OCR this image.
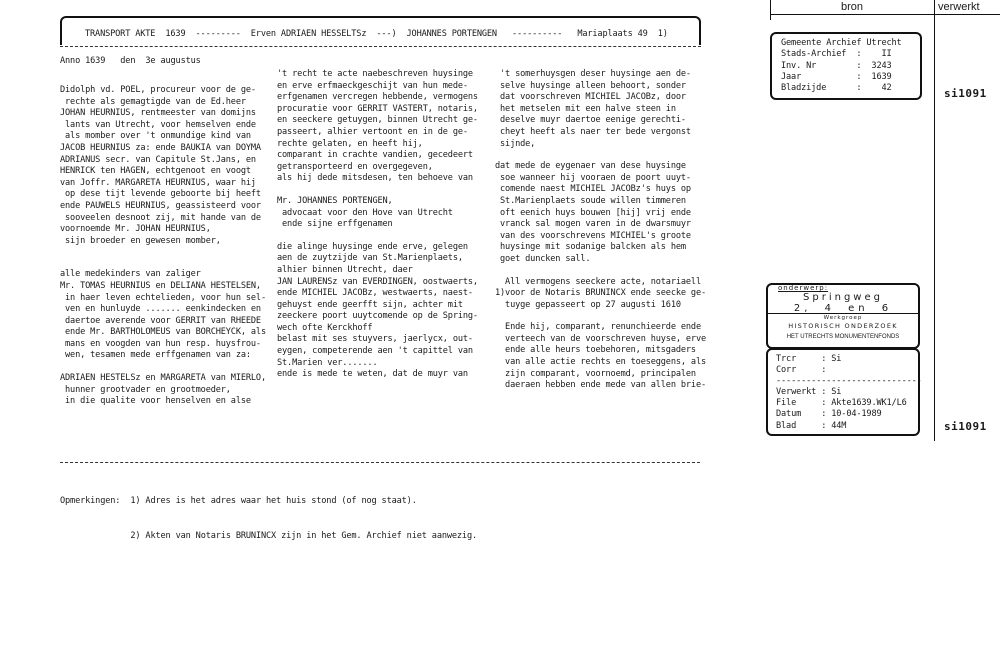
TRANSPORT AKTE  1639  ---------  Erven ADRIAEN HESSELTSz  ---)  JOHANNES PORTENGEN   ----------   Mariaplaats 49  1)
Anno 1639   den  3e augustus
Didolph vd. POEL, procureur voor de ge-
rechte als gemagtigde van de Ed.heer
JOHAN HEURNIUS, rentmeester van domijns
lants van Utrecht, voor hemselven ende
als momber over 't onmundige kind van
JACOB HEURNIUS za: ende BAUKIA van DOYMA
ADRIANUS secr. van Capitule St.Jans, en
HENRICK ten HAGEN, echtgenoot en voogt
van Joffr. MARGARETA HEURNIUS, waar hij
op dese tijt levende geboorte bij heeft
ende PAUWELS HEURNIUS, geassisteerd voor
sooveelen desnoot zij, mit hande van de
voornoemde Mr. JOHAN HEURNIUS,
sijn broeder en gewesen momber,
alle medekinders van zaliger
Mr. TOMAS HEURNIUS en DELIANA HESTELSEN,
in haer leven echtelieden, voor hun sel-
ven en hunluyde ....... eenkindecken en
daertoe averende voor GERRIT van RHEEDE
ende Mr. BARTHOLOMEUS van BORCHEYCK, als
mans en voogden van hun resp. huysfrou-
wen, tesamen mede erffgenamen van za:
ADRIAEN HESTELSz en MARGARETA van MIERLO,
hunner grootvader en grootmoeder,
in die qualite voor henselven en alse
't recht te acte naebeschreven huysinge
en erve erfmaeckgeschijt van hun mede-
erfgenamen vercregen hebbende, vermogens
procuratie voor GERRIT VASTERT, notaris,
en seeckere getuygen, binnen Utrecht ge-
passeert, alhier vertoont en in de ge-
rechte gelaten, en heeft hij,
comparant in crachte vandien, gecedeert
getransporteerd en overgegeven,
als hij dede mitsdesen, ten behoeve van
Mr. JOHANNES PORTENGEN,
advocaat voor den Hove van Utrecht
ende sijne erffgenamen
die alinge huysinge ende erve, gelegen
aen de zuytzijde van St.Marienplaets,
alhier binnen Utrecht, daer
JAN LAURENSz van EVERDINGEN, oostwaerts,
ende MICHIEL JACOBz, westwaerts, naest-
gehuyst ende geerfft sijn, achter mit
zeeckere poort uuytcomende op de Spring-
wech ofte Kerckhoff
belast mit ses stuyvers, jaerlycx, out-
eygen, competerende aen 't capittel van
St.Marien ver.......
ende is mede te weten, dat de muyr van
't somerhuysgen deser huysinge aen de-
selve huysinge alleen behoort, sonder
dat voorschreven MICHIEL JACOBz, door
het metselen mit een halve steen in
deselve muyr daertoe eenige gerechti-
cheyt heeft als naer ter bede vergonst
sijnde,
dat mede de eygenaer van dese huysinge
soe wanneer hij vooraen de poort uuyt-
comende naest MICHIEL JACOBz's huys op
St.Marienplaets soude willen timmeren
oft eenich huys bouwen [hij] vrij ende
vranck sal mogen varen in de dwarsmuyr
van des voorschrevens MICHIEL's groote
huysinge mit sodanige balcken als hem
goet duncken sall.
All vermogens seeckere acte, notariaell
1)voor de Notaris BRUNINCX ende seecke ge-
tuyge gepasseert op 27 augusti 1610
Ende hij, comparant, renunchieerde ende
verteech van de voorschreven huyse, erve
ende alle heurs toebehoren, mitsgaders
van alle actie rechts en toeseggens, als
zijn comparant, voornoemd, principalen
daeraen hebben ende mede van allen brie-

Opmerkingen: 1) Adres is het adres waar het huis stond (of nog staat).

2) Akten van Notaris BRUNINCX zijn in het Gem. Archief niet aanwezig.

bron	verwerkt
Gemeente Archief Utrecht
Stads-Archief  :    II
Inv. Nr        :  3243
Jaar           :  1639
Bladzijde      :    42	si1091
si1091
onderwerp:
Springweg
2, 4 en 6
Werkgroep
HISTORISCH ONDERZOEK
HET UTRECHTS MONUMENTENFONDS
Trcr     : Si
Corr     :
-----------------------------
Verwerkt : Si
File     : Akte1639.WK1/L6
Datum    : 10-04-1989
Blad     : 44M
